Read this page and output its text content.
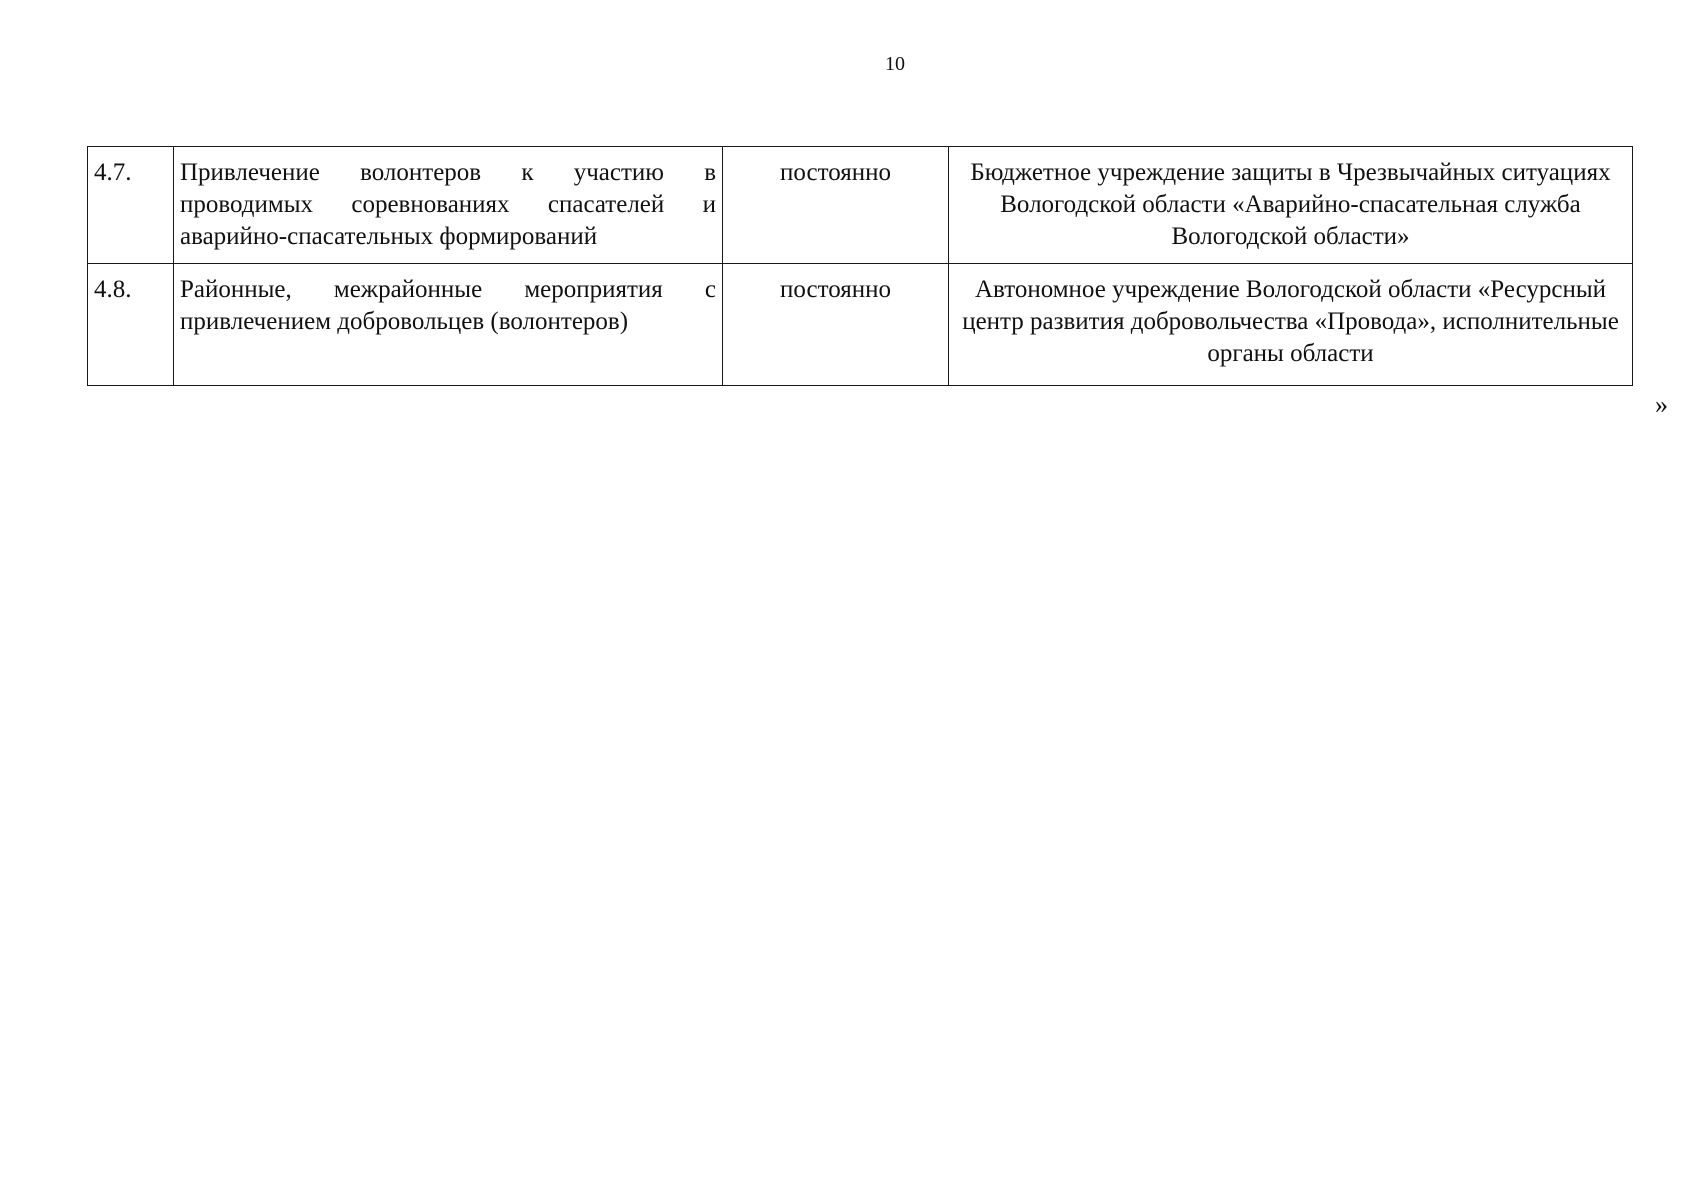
10
4.7.	Привлечение волонтеров к участию в проводимых соревнованиях спасателей и аварийно-спасательных формирований	постоянно	Бюджетное учреждение защиты в Чрезвычайных ситуациях Вологодской области «Аварийно-спасательная служба Вологодской области»
4.8.	Районные, межрайонные мероприятия с привлечением добровольцев (волонтеров)	постоянно	Автономное учреждение Вологодской области «Ресурсный центр развития добровольчества «Провода», исполнительные органы области
»
